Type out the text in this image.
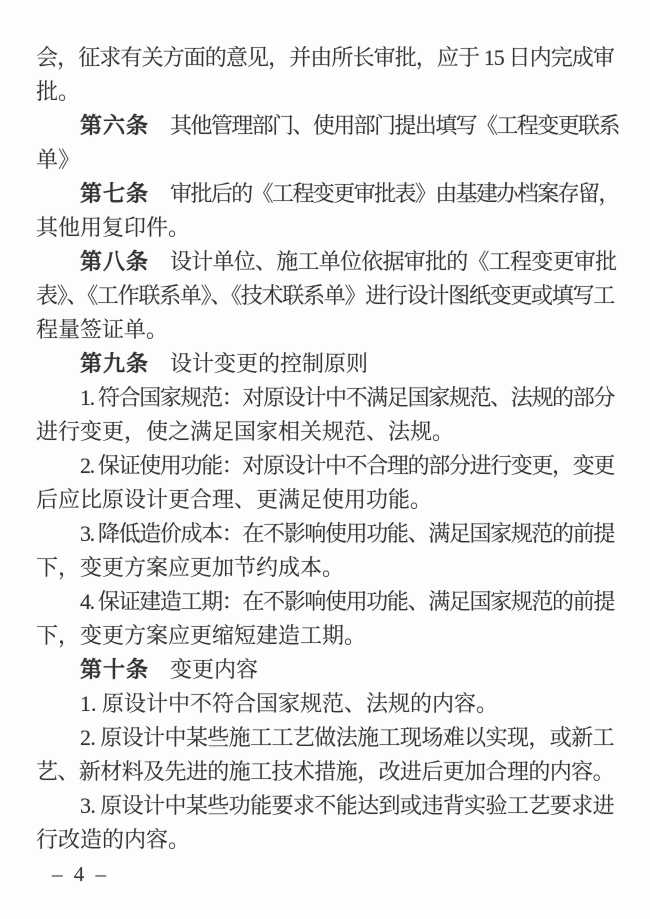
会，征求有关方面的意见，并由所长审批，应于 15 日内完成审
批。
第六条 其他管理部门、使用部门提出填写《工程变更联系
单》
第七条 审批后的《工程变更审批表》由基建办档案存留，
其他用复印件。
第八条 设计单位、施工单位依据审批的《工程变更审批
表》、《工作联系单》、《技术联系单》进行设计图纸变更或填写工
程量签证单。
第九条 设计变更的控制原则
1. 符合国家规范：对原设计中不满足国家规范、法规的部分
进行变更，使之满足国家相关规范、法规。
2. 保证使用功能：对原设计中不合理的部分进行变更，变更
后应比原设计更合理、更满足使用功能。
3. 降低造价成本：在不影响使用功能、满足国家规范的前提
下，变更方案应更加节约成本。
4. 保证建造工期：在不影响使用功能、满足国家规范的前提
下，变更方案应更缩短建造工期。
第十条 变更内容
1. 原设计中不符合国家规范、法规的内容。
2. 原设计中某些施工工艺做法施工现场难以实现，或新工
艺、新材料及先进的施工技术措施，改进后更加合理的内容。
3. 原设计中某些功能要求不能达到或违背实验工艺要求进
行改造的内容。
– 4 –
